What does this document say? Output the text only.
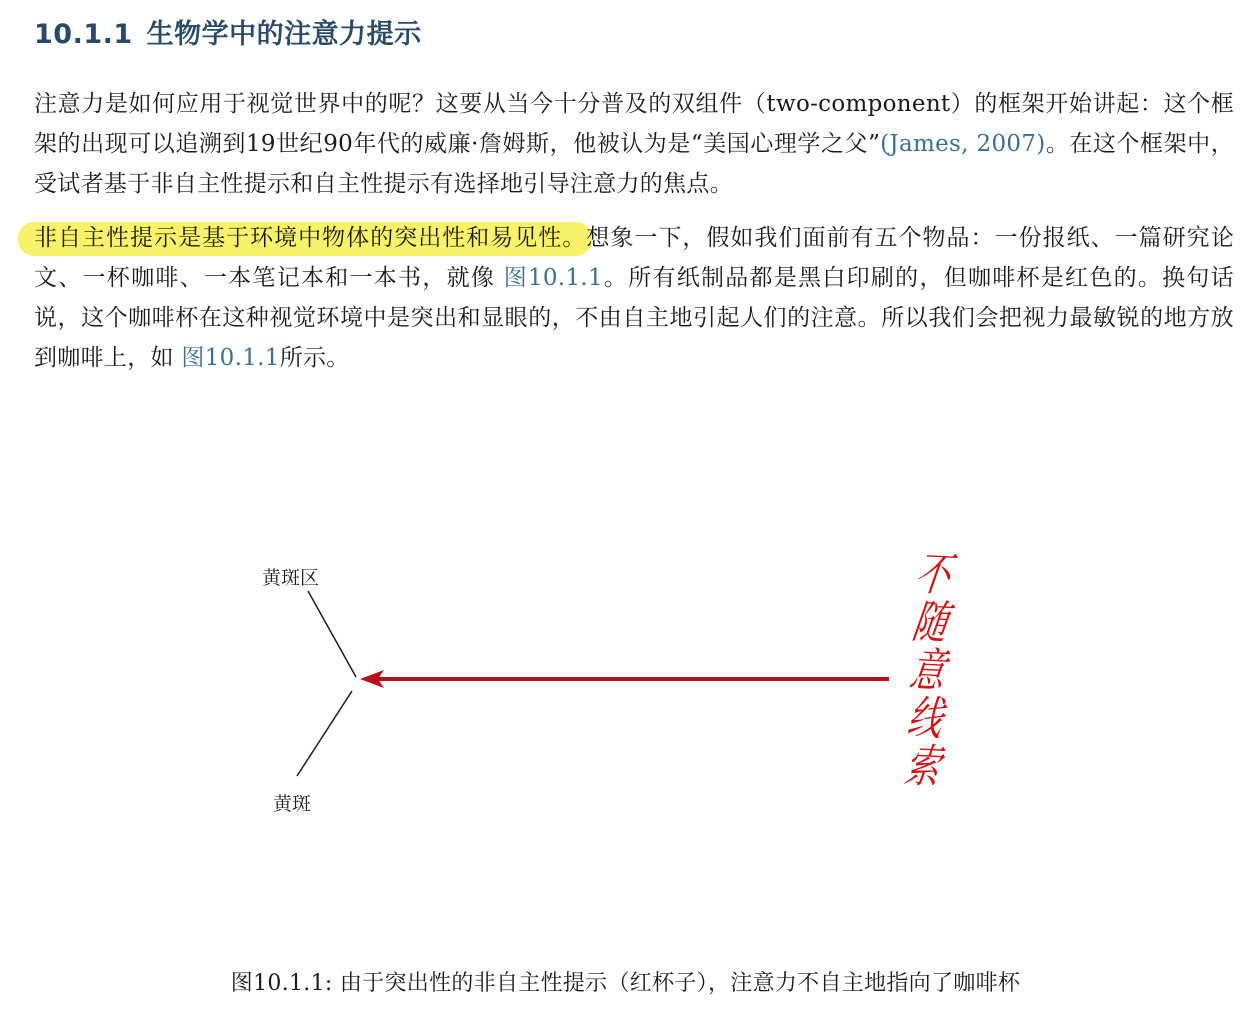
10.1.1 生物学中的注意力提示
注意力是如何应用于视觉世界中的呢？这要从当今十分普及的双组件（two-component）的框架开始讲起：这个框架的出现可以追溯到19世纪90年代的威廉·詹姆斯，他被认为是“美国心理学之父”(James, 2007)。在这个框架中，受试者基于非自主性提示和自主性提示有选择地引导注意力的焦点。
非自主性提示是基于环境中物体的突出性和易见性。想象一下，假如我们面前有五个物品：一份报纸、一篇研究论文、一杯咖啡、一本笔记本和一本书，就像 图10.1.1。所有纸制品都是黑白印刷的，但咖啡杯是红色的。换句话说，这个咖啡杯在这种视觉环境中是突出和显眼的，不由自主地引起人们的注意。所以我们会把视力最敏锐的地方放到咖啡上，如 图10.1.1所示。
黄斑区
黄斑
不
随
意
线
索
图10.1.1: 由于突出性的非自主性提示（红杯子），注意力不自主地指向了咖啡杯
